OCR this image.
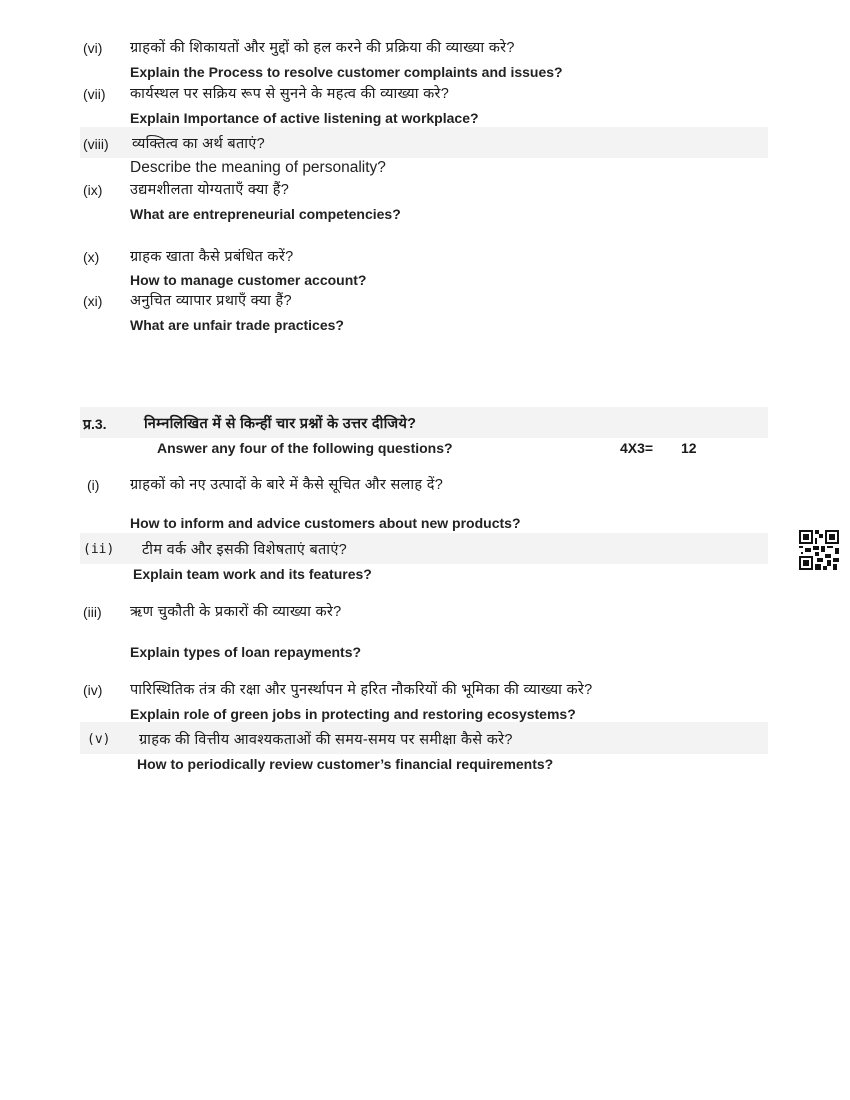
(vi) ग्राहकों की शिकायतों और मुद्दों को हल करने की प्रक्रिया की व्याख्या करे?
Explain the Process to resolve customer complaints and issues?
(vii) कार्यस्थल पर सक्रिय रूप से सुनने के महत्व की व्याख्या करे?
Explain Importance of active listening at workplace?
(viii) व्यक्तित्व का अर्थ बताएं?
Describe the meaning of personality?
(ix) उद्यमशीलता योग्यताएँ क्या हैं?
What are entrepreneurial competencies?
(x) ग्राहक खाता कैसे प्रबंधित करें?
How to manage customer account?
(xi) अनुचित व्यापार प्रथाएँ क्या हैं?
What are unfair trade practices?
प्र.3.	निम्नलिखित में से किन्हीं चार प्रश्नों के उत्तर दीजिये?
Answer any four of the following questions?	4X3= 12
(i) ग्राहकों को नए उत्पादों के बारे में कैसे सूचित और सलाह दें?
How to inform and advice customers about new products?
(ii) टीम वर्क और इसकी विशेषताएं बताएं?
Explain team work and its features?
(iii) ऋण चुकौती के प्रकारों की व्याख्या करे?
Explain types of loan repayments?
(iv) पारिस्थितिक तंत्र की रक्षा और पुनर्स्थापन मे हरित नौकरियों की भूमिका की व्याख्या करे?
Explain role of green jobs in protecting and restoring ecosystems?
(v) ग्राहक की वित्तीय आवश्यकताओं की समय-समय पर समीक्षा कैसे करे?
How to periodically review customer’s financial requirements?
